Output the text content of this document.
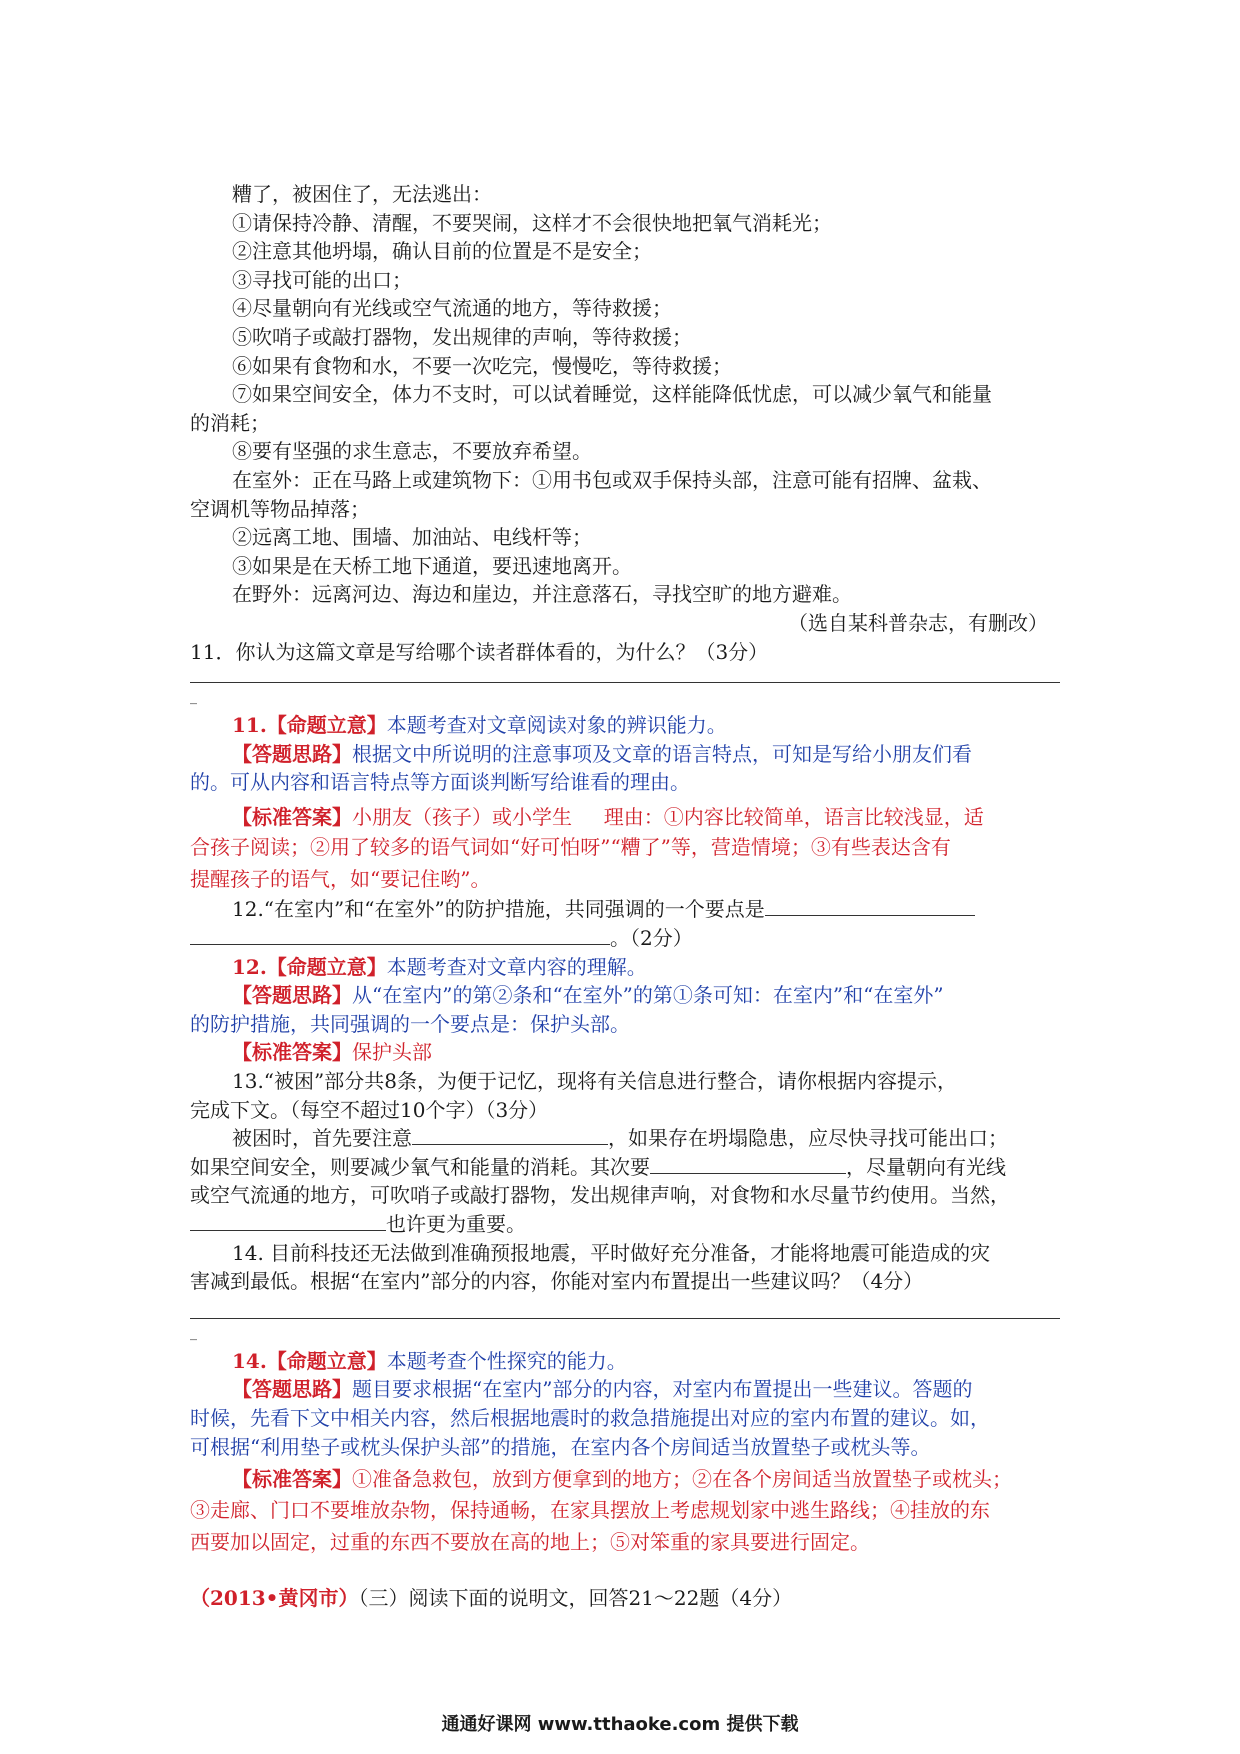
糟了，被困住了，无法逃出：

①请保持冷静、清醒，不要哭闹，这样才不会很快地把氧气消耗光；

②注意其他坍塌，确认目前的位置是不是安全；

③寻找可能的出口；

④尽量朝向有光线或空气流通的地方，等待救援；

⑤吹哨子或敲打器物，发出规律的声响，等待救援；

⑥如果有食物和水，不要一次吃完，慢慢吃，等待救援；

⑦如果空间安全，体力不支时，可以试着睡觉，这样能降低忧虑，可以减少氧气和能量

的消耗；

⑧要有坚强的求生意志，不要放弃希望。

在室外：正在马路上或建筑物下：①用书包或双手保持头部，注意可能有招牌、盆栽、

空调机等物品掉落；

②远离工地、围墙、加油站、电线杆等；

③如果是在天桥工地下通道，要迅速地离开。

在野外：远离河边、海边和崖边，并注意落石，寻找空旷的地方避难。

（选自某科普杂志，有删改）

11．你认为这篇文章是写给哪个读者群体看的，为什么？（3分）

_

11.【命题立意】本题考查对文章阅读对象的辨识能力。

【答题思路】根据文中所说明的注意事项及文章的语言特点，可知是写给小朋友们看

的。可从内容和语言特点等方面谈判断写给谁看的理由。

【标准答案】小朋友（孩子）或小学生     理由：①内容比较简单，语言比较浅显，适

合孩子阅读；②用了较多的语气词如“好可怕呀”“糟了”等，营造情境；③有些表达含有

提醒孩子的语气，如“要记住哟”。

12.“在室内”和“在室外”的防护措施，共同强调的一个要点是

。（2分）

12.【命题立意】本题考查对文章内容的理解。

【答题思路】从“在室内”的第②条和“在室外”的第①条可知：在室内”和“在室外”

的防护措施，共同强调的一个要点是：保护头部。

【标准答案】保护头部

13.“被困”部分共8条，为便于记忆，现将有关信息进行整合，请你根据内容提示，

完成下文。（每空不超过10个字）（3分）

被困时，首先要注意	，如果存在坍塌隐患，应尽快寻找可能出口；

如果空间安全，则要减少氧气和能量的消耗。其次要	，尽量朝向有光线

或空气流通的地方，可吹哨子或敲打器物，发出规律声响，对食物和水尽量节约使用。当然，

也许更为重要。

14. 目前科技还无法做到准确预报地震，平时做好充分准备，才能将地震可能造成的灾

害减到最低。根据“在室内”部分的内容，你能对室内布置提出一些建议吗？（4分）

_

14.【命题立意】本题考查个性探究的能力。

【答题思路】题目要求根据“在室内”部分的内容，对室内布置提出一些建议。答题的

时候，先看下文中相关内容，然后根据地震时的救急措施提出对应的室内布置的建议。如，

可根据“利用垫子或枕头保护头部”的措施，在室内各个房间适当放置垫子或枕头等。

【标准答案】①准备急救包，放到方便拿到的地方；②在各个房间适当放置垫子或枕头；

③走廊、门口不要堆放杂物，保持通畅，在家具摆放上考虑规划家中逃生路线；④挂放的东

西要加以固定，过重的东西不要放在高的地上；⑤对笨重的家具要进行固定。

（2013•黄冈市）（三）阅读下面的说明文，回答21～22题（4分）

通通好课网 www.tthaoke.com 提供下载
